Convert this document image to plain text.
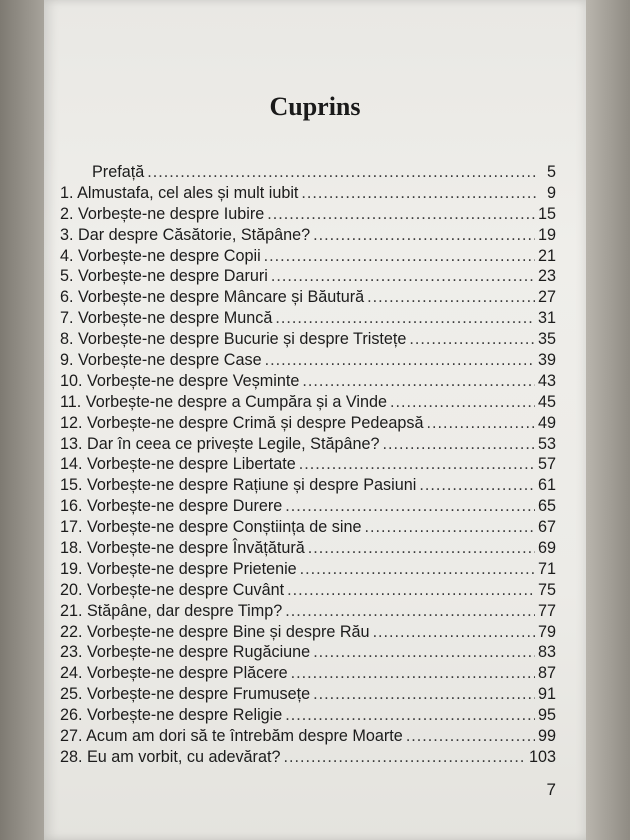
Cuprins
Prefață .....	5
1. Almustafa, cel ales și mult iubit .....	9
2. Vorbește-ne despre Iubire .....	15
3. Dar despre Căsătorie, Stăpâne? .....	19
4. Vorbește-ne despre Copii .....	21
5. Vorbește-ne despre Daruri .....	23
6. Vorbește-ne despre Mâncare și Băutură .....	27
7. Vorbește-ne despre Muncă .....	31
8. Vorbește-ne despre Bucurie și despre Tristețe .....	35
9. Vorbește-ne despre Case .....	39
10. Vorbește-ne despre Veșminte .....	43
11. Vorbește-ne despre a Cumpăra și a Vinde .....	45
12. Vorbește-ne despre Crimă și despre Pedeapsă .....	49
13. Dar în ceea ce privește Legile, Stăpâne? .....	53
14. Vorbește-ne despre Libertate .....	57
15. Vorbește-ne despre Rațiune și despre Pasiuni .....	61
16. Vorbește-ne despre Durere .....	65
17. Vorbește-ne despre Conștiința de sine .....	67
18. Vorbește-ne despre Învățătură .....	69
19. Vorbește-ne despre Prietenie .....	71
20. Vorbește-ne despre Cuvânt .....	75
21. Stăpâne, dar despre Timp? .....	77
22. Vorbește-ne despre Bine și despre Rău .....	79
23. Vorbește-ne despre Rugăciune .....	83
24. Vorbește-ne despre Plăcere .....	87
25. Vorbește-ne despre Frumusețe .....	91
26. Vorbește-ne despre Religie .....	95
27. Acum am dori să te întrebăm despre Moarte .....	99
28. Eu am vorbit, cu adevărat? .....	103

7
